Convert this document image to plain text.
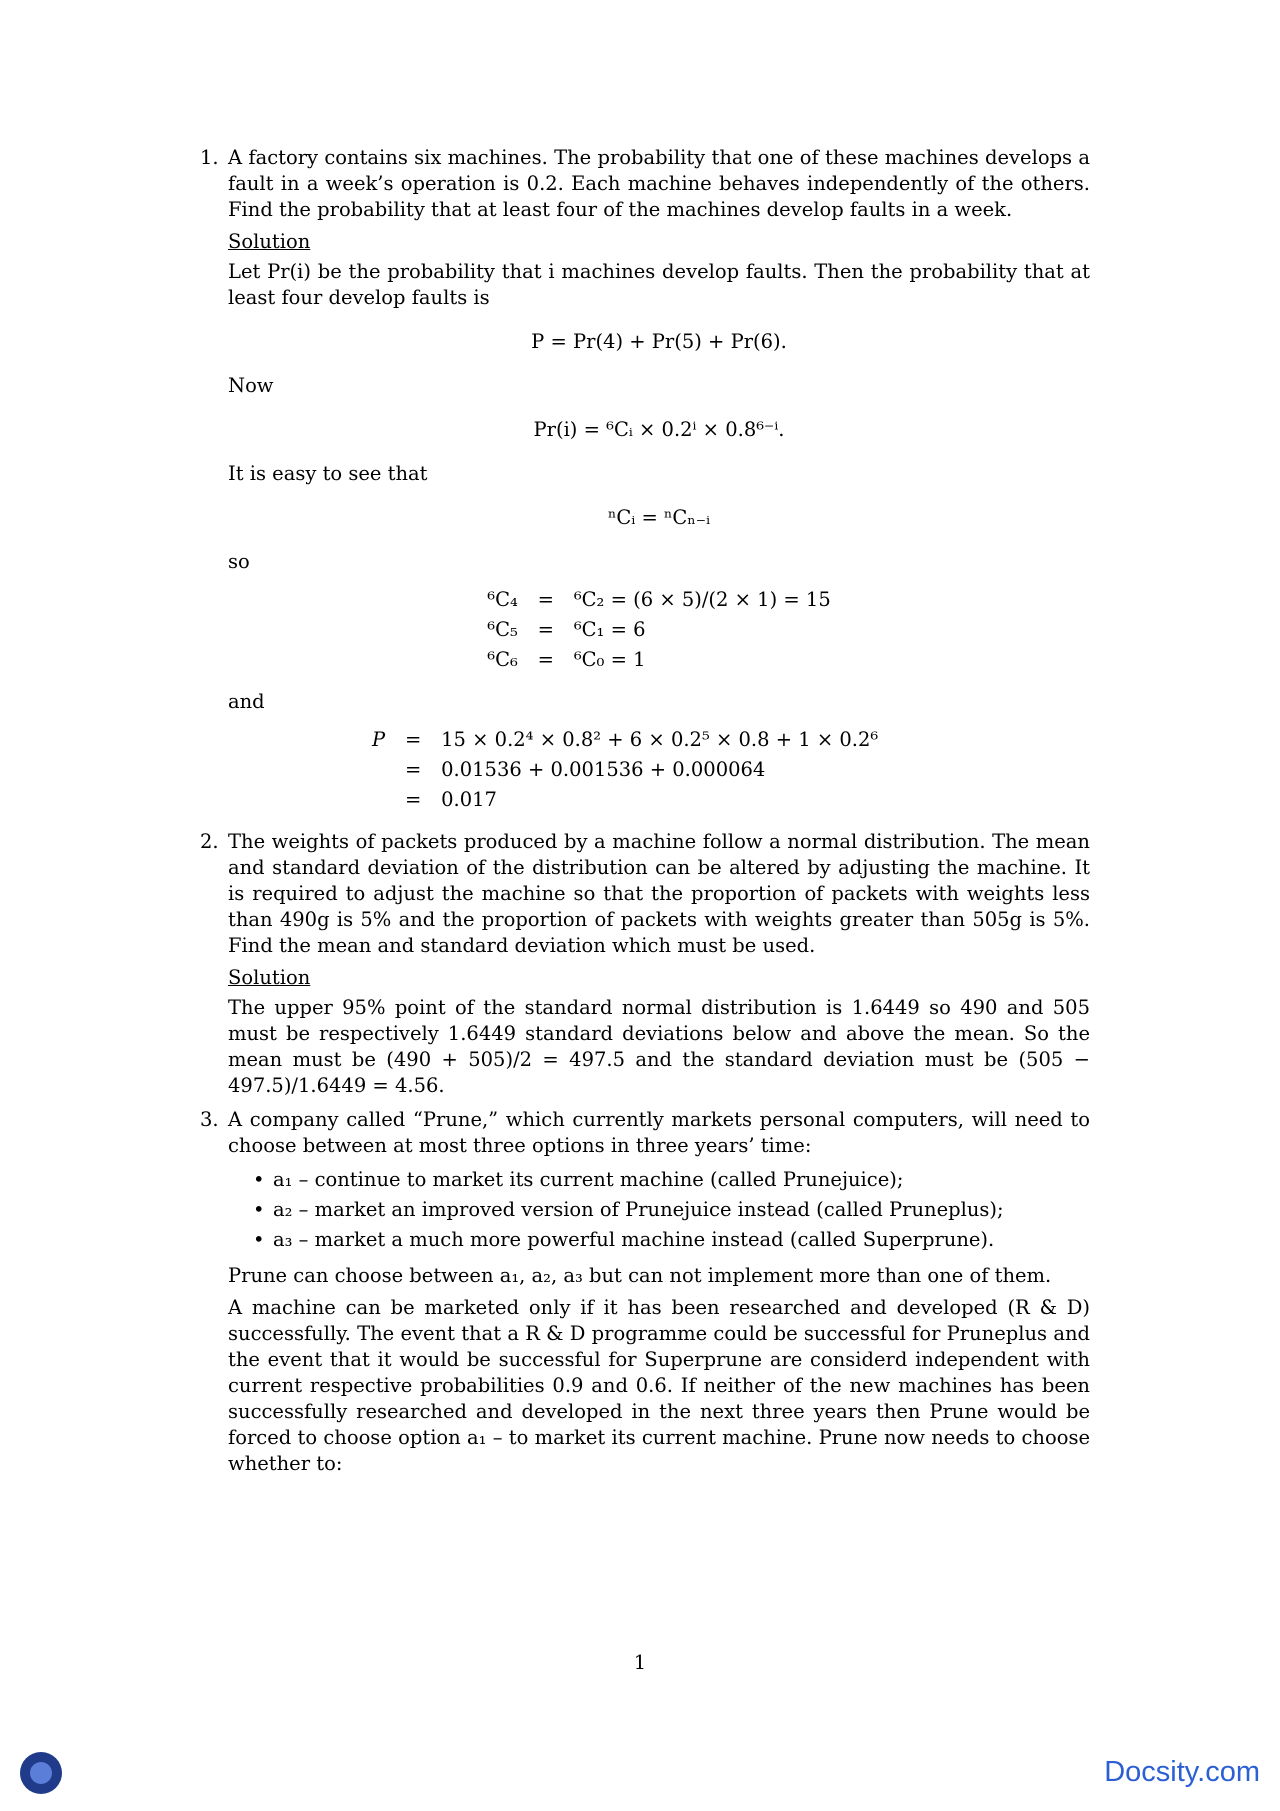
1. A factory contains six machines. The probability that one of these machines develops a fault in a week’s operation is 0.2. Each machine behaves independently of the others. Find the probability that at least four of the machines develop faults in a week.

Solution

Let Pr(i) be the probability that i machines develop faults. Then the probability that at least four develop faults is

P = Pr(4) + Pr(5) + Pr(6).

Now

Pr(i) = ⁶Cᵢ × 0.2ⁱ × 0.8⁶⁻ⁱ.

It is easy to see that

ⁿCᵢ = ⁿCₙ₋ᵢ

so

⁶C₄	=	⁶C₂ = (6 × 5)/(2 × 1) = 15
⁶C₅	=	⁶C₁ = 6
⁶C₆	=	⁶C₀ = 1

and

P	=	15 × 0.2⁴ × 0.8² + 6 × 0.2⁵ × 0.8 + 1 × 0.2⁶
	=	0.01536 + 0.001536 + 0.000064
	=	0.017
2. The weights of packets produced by a machine follow a normal distribution. The mean and standard deviation of the distribution can be altered by adjusting the machine. It is required to adjust the machine so that the proportion of packets with weights less than 490g is 5% and the proportion of packets with weights greater than 505g is 5%. Find the mean and standard deviation which must be used.

Solution

The upper 95% point of the standard normal distribution is 1.6449 so 490 and 505 must be respectively 1.6449 standard deviations below and above the mean. So the mean must be (490 + 505)/2 = 497.5 and the standard deviation must be (505 − 497.5)/1.6449 = 4.56.

3. A company called “Prune,” which currently markets personal computers, will need to choose between at most three options in three years’ time:

• a₁ – continue to market its current machine (called Prunejuice);
• a₂ – market an improved version of Prunejuice instead (called Pruneplus);
• a₃ – market a much more powerful machine instead (called Superprune).

Prune can choose between a₁, a₂, a₃ but can not implement more than one of them.

A machine can be marketed only if it has been researched and developed (R & D) successfully. The event that a R & D programme could be successful for Pruneplus and the event that it would be successful for Superprune are considerd independent with current respective probabilities 0.9 and 0.6. If neither of the new machines has been successfully researched and developed in the next three years then Prune would be forced to choose option a₁ – to market its current machine. Prune now needs to choose whether to:

1
Docsity.com
